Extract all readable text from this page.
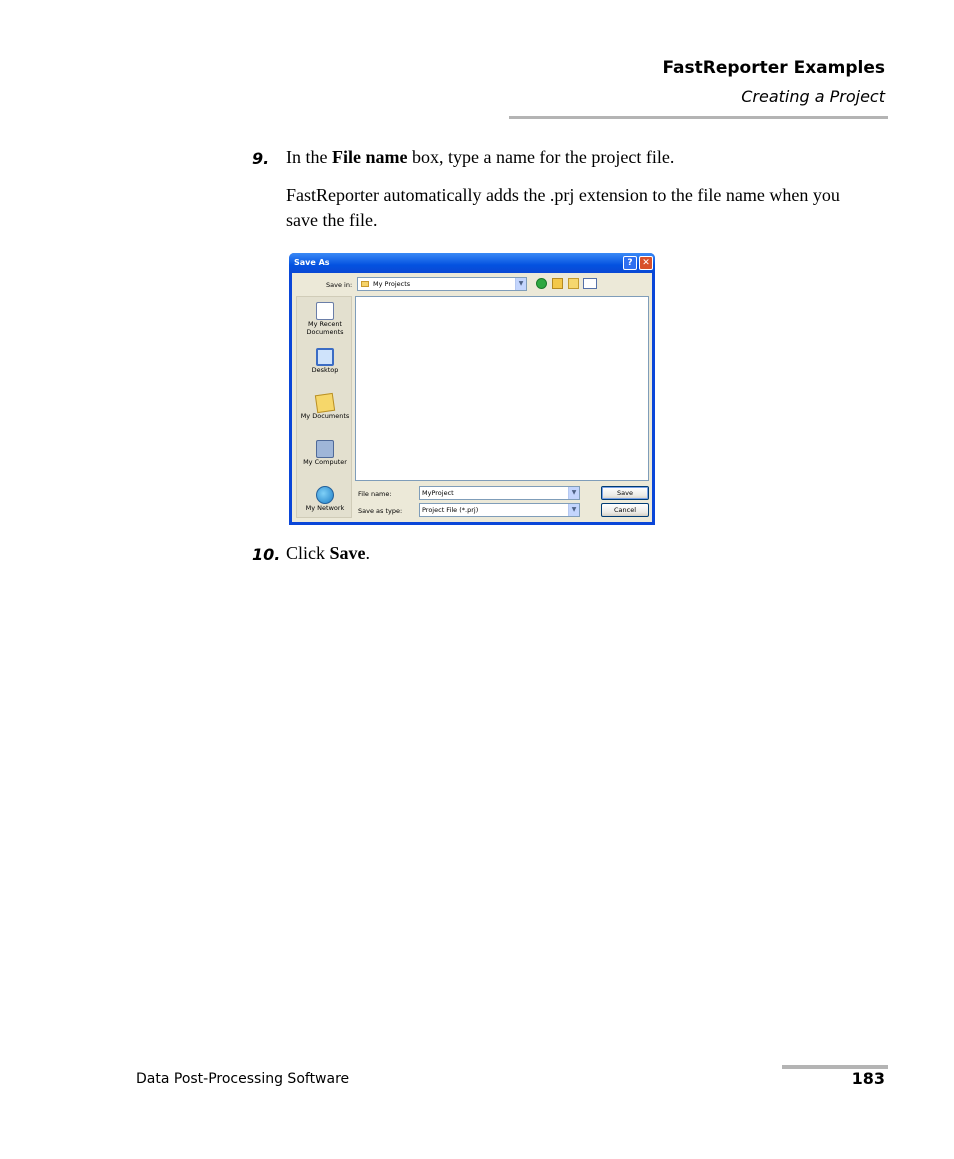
FastReporter Examples
Creating a Project
9. In the File name box, type a name for the project file.
FastReporter automatically adds the .prj extension to the file name when you save the file.
Save As	?	✕
Save in:	My Projects	▼
My Recent
Documents
Desktop
My Documents
My Computer
My Network
File name:	MyProject	▼
Save as type:	Project File (*.prj)	▼
Save
Cancel
10. Click Save.
Data Post-Processing Software	183
